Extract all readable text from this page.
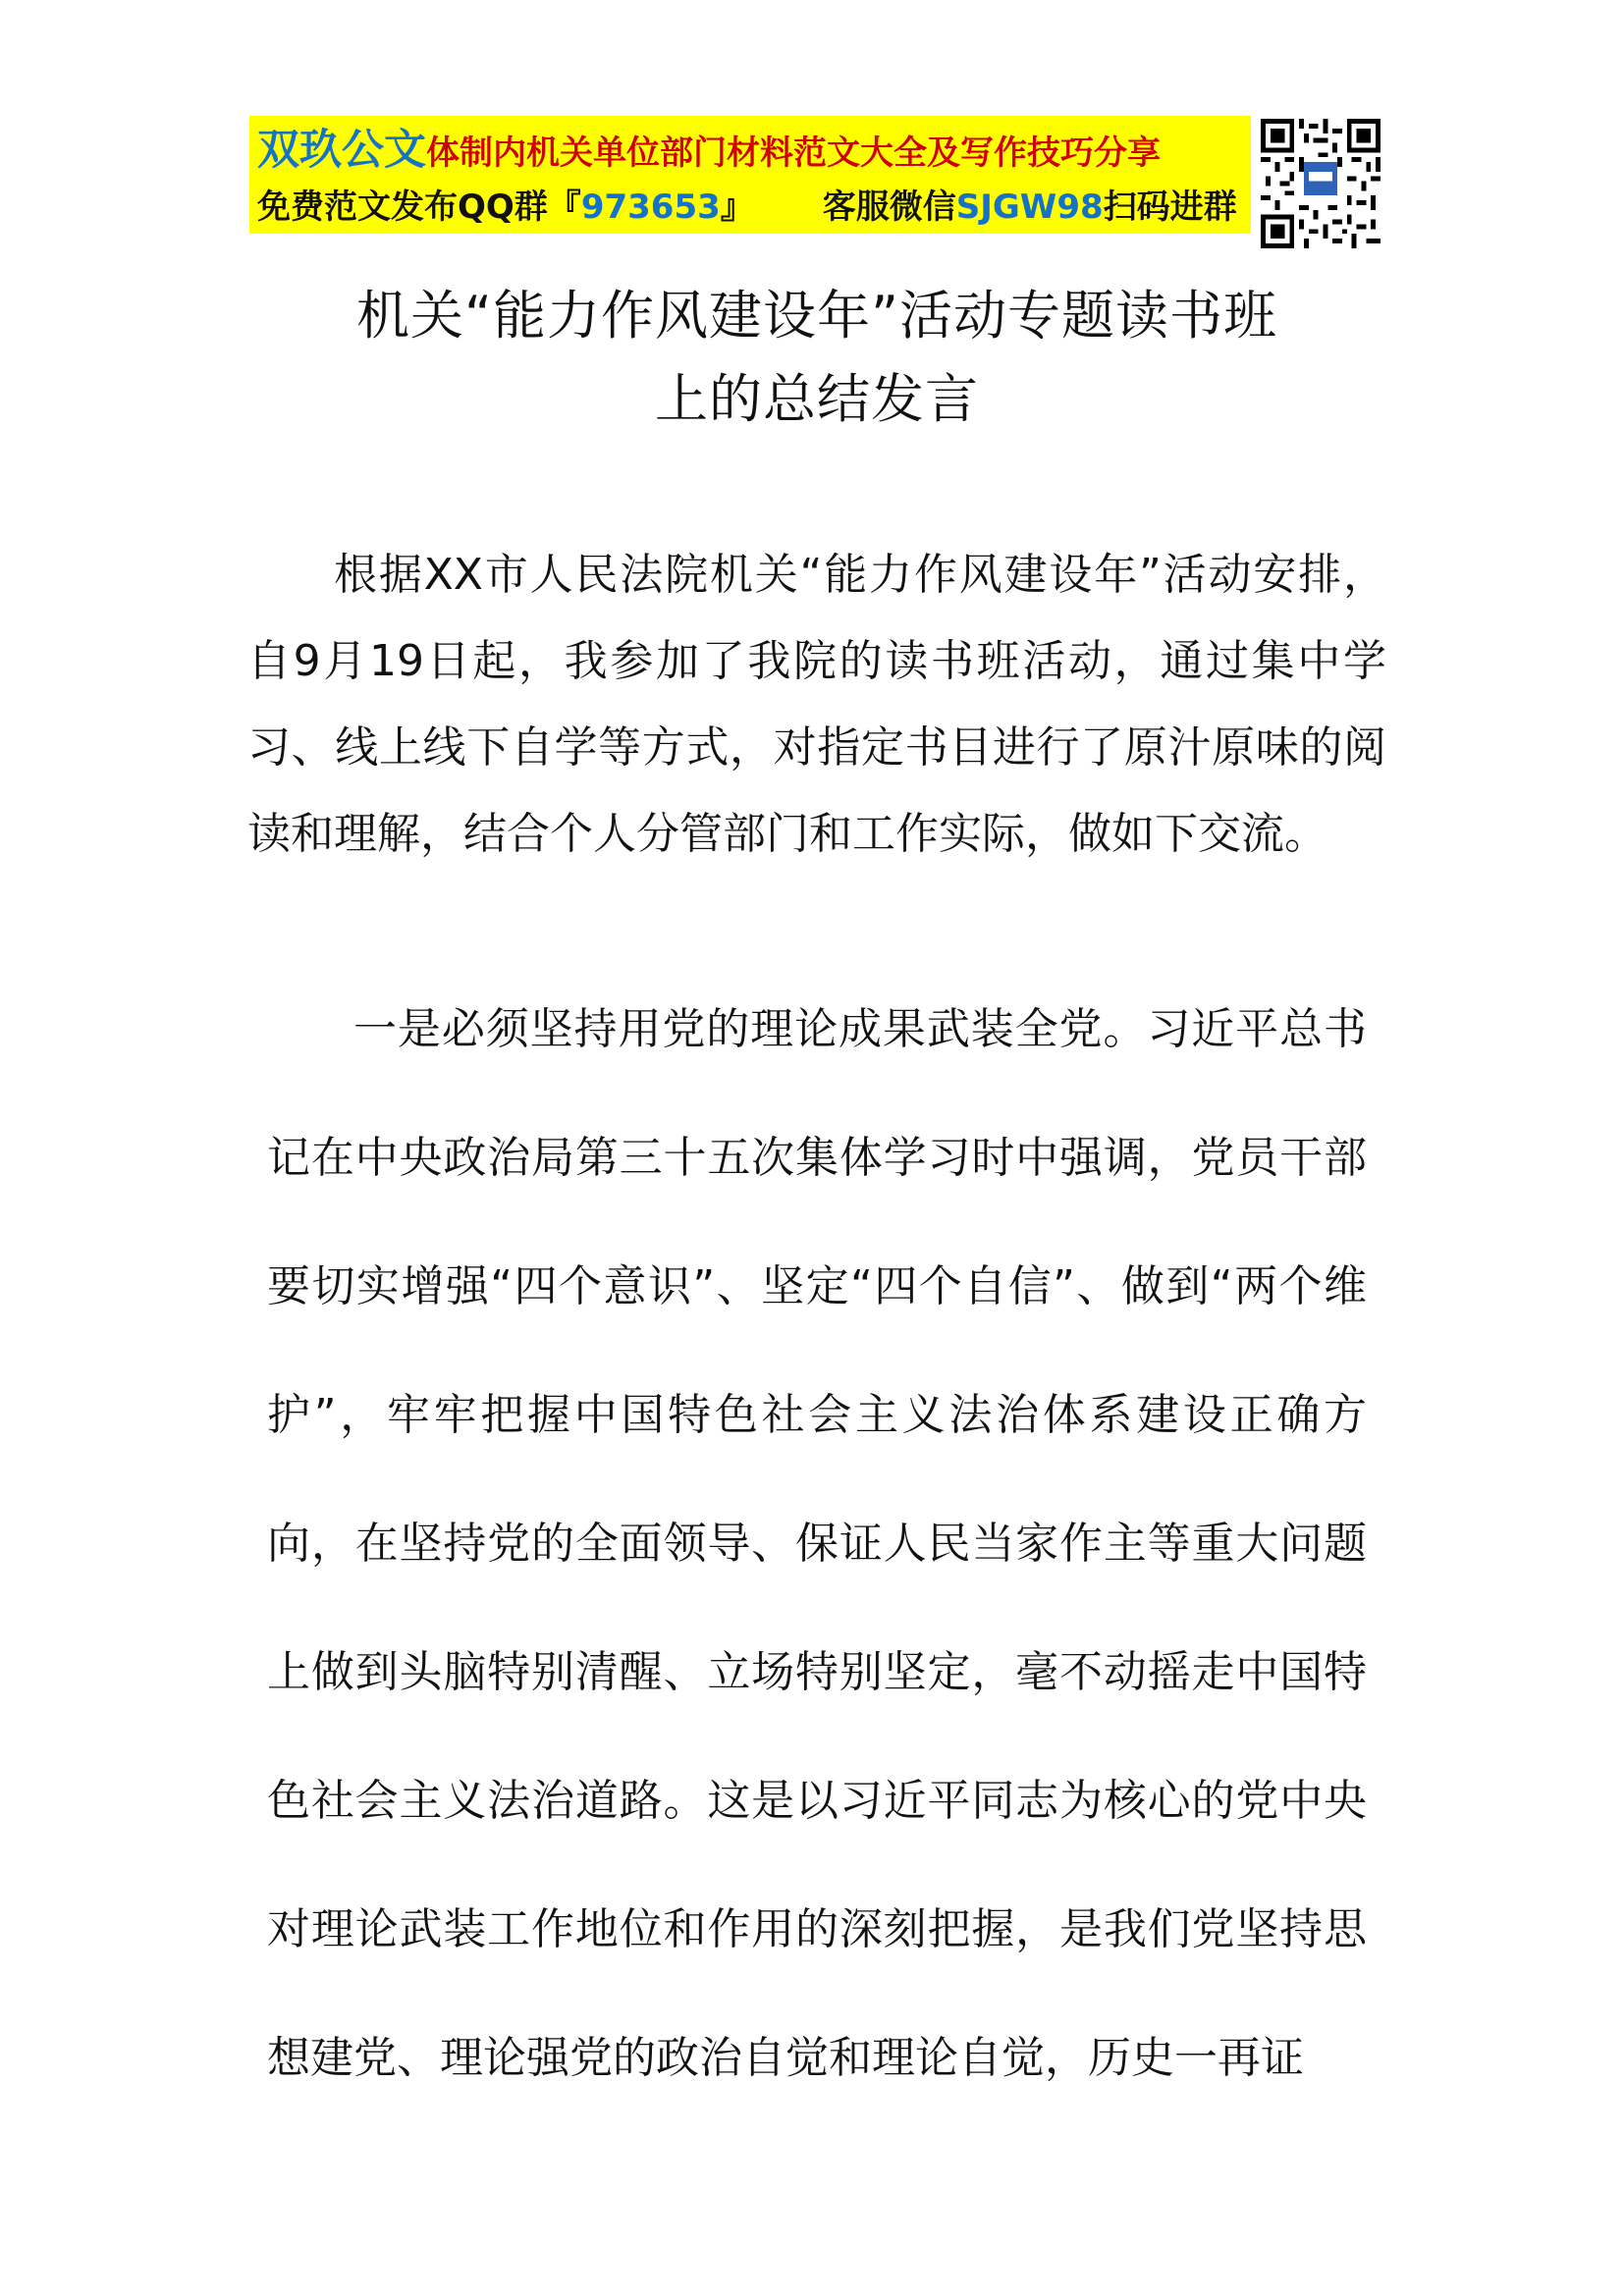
双玖公文体制内机关单位部门材料范文大全及写作技巧分享
免费范文发布QQ群『973653』 客服微信SJGW98扫码进群
机关“能力作风建设年”活动专题读书班
上的总结发言

根据XX市人民法院机关“能力作风建设年”活动安排，自9月19日起，我参加了我院的读书班活动，通过集中学习、线上线下自学等方式，对指定书目进行了原汁原味的阅读和理解，结合个人分管部门和工作实际，做如下交流。

一是必须坚持用党的理论成果武装全党。习近平总书记在中央政治局第三十五次集体学习时中强调，党员干部要切实增强“四个意识”、坚定“四个自信”、做到“两个维护”，牢牢把握中国特色社会主义法治体系建设正确方向，在坚持党的全面领导、保证人民当家作主等重大问题上做到头脑特别清醒、立场特别坚定，毫不动摇走中国特色社会主义法治道路。这是以习近平同志为核心的党中央对理论武装工作地位和作用的深刻把握，是我们党坚持思想建党、理论强党的政治自觉和理论自觉，历史一再证
